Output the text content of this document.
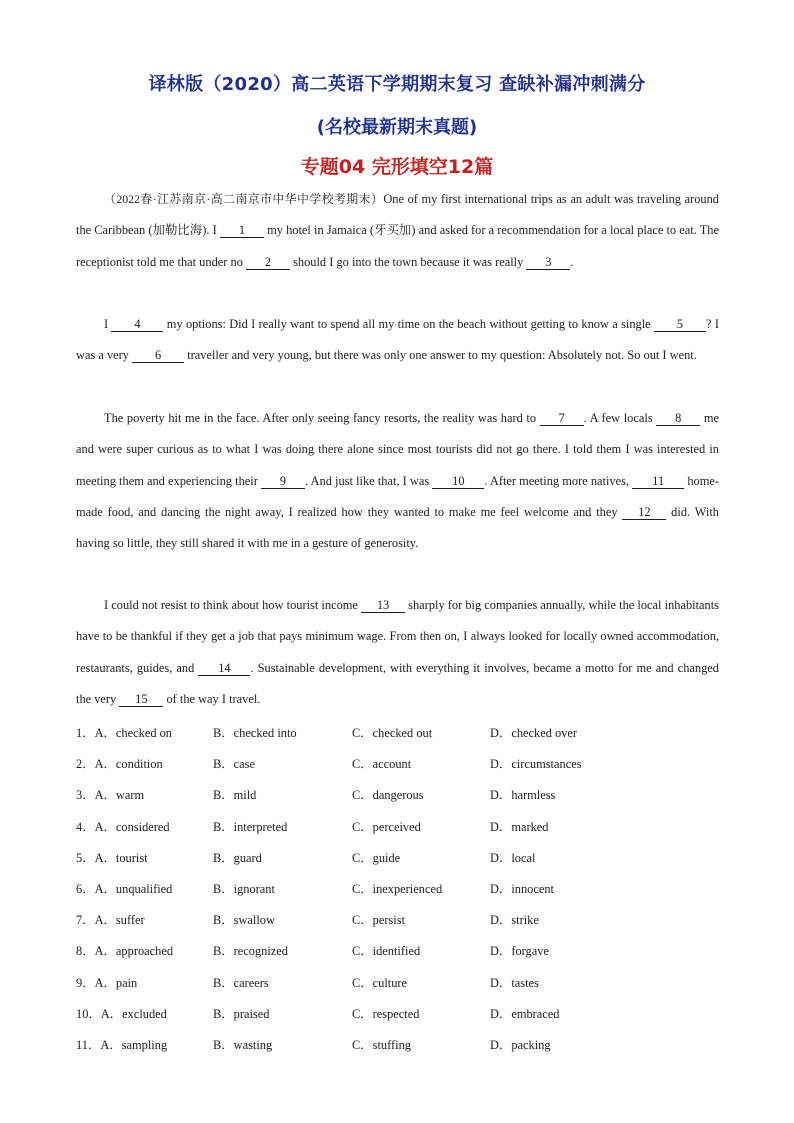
译林版（2020）高二英语下学期期末复习 查缺补漏冲刺满分
(名校最新期末真题)
专题04 完形填空12篇
（2022春·江苏南京·高二南京市中华中学校考期末）One of my first international trips as an adult was traveling around the Caribbean (加勒比海). I 1 my hotel in Jamaica (牙买加) and asked for a recommendation for a local place to eat. The receptionist told me that under no 2 should I go into the town because it was really 3 .
I 4 my options: Did I really want to spend all my time on the beach without getting to know a single 5 ? I was a very 6 traveller and very young, but there was only one answer to my question: Absolutely not. So out I went.
The poverty hit me in the face. After only seeing fancy resorts, the reality was hard to 7 . A few locals 8 me and were super curious as to what I was doing there alone since most tourists did not go there. I told them I was interested in meeting them and experiencing their 9 . And just like that, I was 10 . After meeting more natives, 11 home-made food, and dancing the night away, I realized how they wanted to make me feel welcome and they 12 did. With having so little, they still shared it with me in a gesture of generosity.
I could not resist to think about how tourist income 13 sharply for big companies annually, while the local inhabitants have to be thankful if they get a job that pays minimum wage. From then on, I always looked for locally owned accommodation, restaurants, guides, and 14 . Sustainable development, with everything it involves, became a motto for me and changed the very 15 of the way I travel.
1．A．checked on	B．checked into	C．checked out	D．checked over
2．A．condition	B．case	C．account	D．circumstances
3．A．warm	B．mild	C．dangerous	D．harmless
4．A．considered	B．interpreted	C．perceived	D．marked
5．A．tourist	B．guard	C．guide	D．local
6．A．unqualified	B．ignorant	C．inexperienced	D．innocent
7．A．suffer	B．swallow	C．persist	D．strike
8．A．approached	B．recognized	C．identified	D．forgave
9．A．pain	B．careers	C．culture	D．tastes
10．A．excluded	B．praised	C．respected	D．embraced
11．A．sampling	B．wasting	C．stuffing	D．packing
